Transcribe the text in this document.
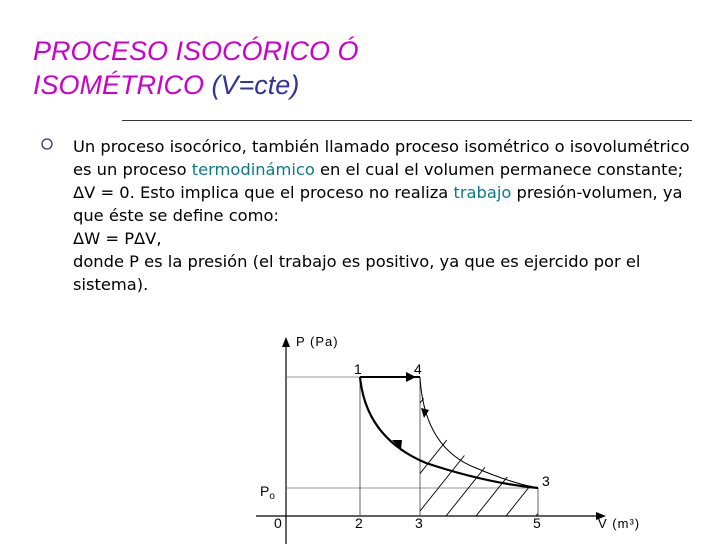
PROCESO ISOCÓRICO Ó
ISOMÉTRICO (V=cte)

Un proceso isocórico, también llamado proceso isométrico o isovolumétrico es un proceso termodinámico en el cual el volumen permanece constante; ΔV = 0. Esto implica que el proceso no realiza trabajo presión-volumen, ya que éste se define como:
ΔW = PΔV,
donde P es la presión (el trabajo es positivo, ya que es ejercido por el sistema).

P (Pa)
V (m³)
$P_o$
0	2	3	5
1	4
3
